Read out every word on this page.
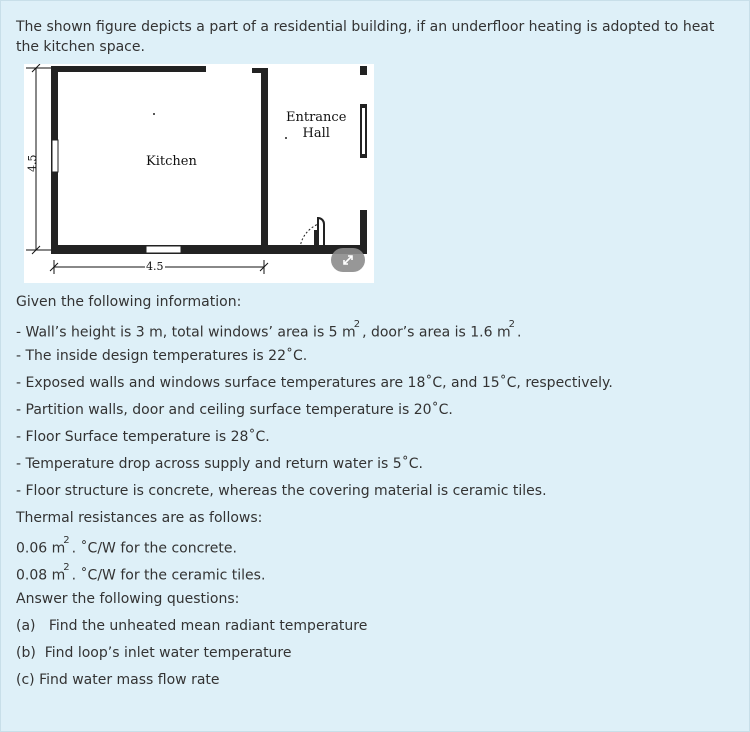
The shown figure depicts a part of a residential building, if an underfloor heating is adopted to heat the kitchen space.
Kitchen
Entrance
Hall
4.5
4.5
Given the following information:
- Wall’s height is 3 m, total windows’ area is 5 $m^2$, door’s area is 1.6 $m^2$.
- The inside design temperatures is 22˚C.
- Exposed walls and windows surface temperatures are 18˚C, and 15˚C, respectively.
- Partition walls, door and ceiling surface temperature is 20˚C.
- Floor Surface temperature is 28˚C.
- Temperature drop across supply and return water is 5˚C.
- Floor structure is concrete, whereas the covering material is ceramic tiles.
Thermal resistances are as follows:
0.06 $m^2$. ˚C/W for the concrete.
0.08 $m^2$. ˚C/W for the ceramic tiles.
Answer the following questions:
(a)   Find the unheated mean radiant temperature
(b)  Find loop’s inlet water temperature
(c) Find water mass flow rate
